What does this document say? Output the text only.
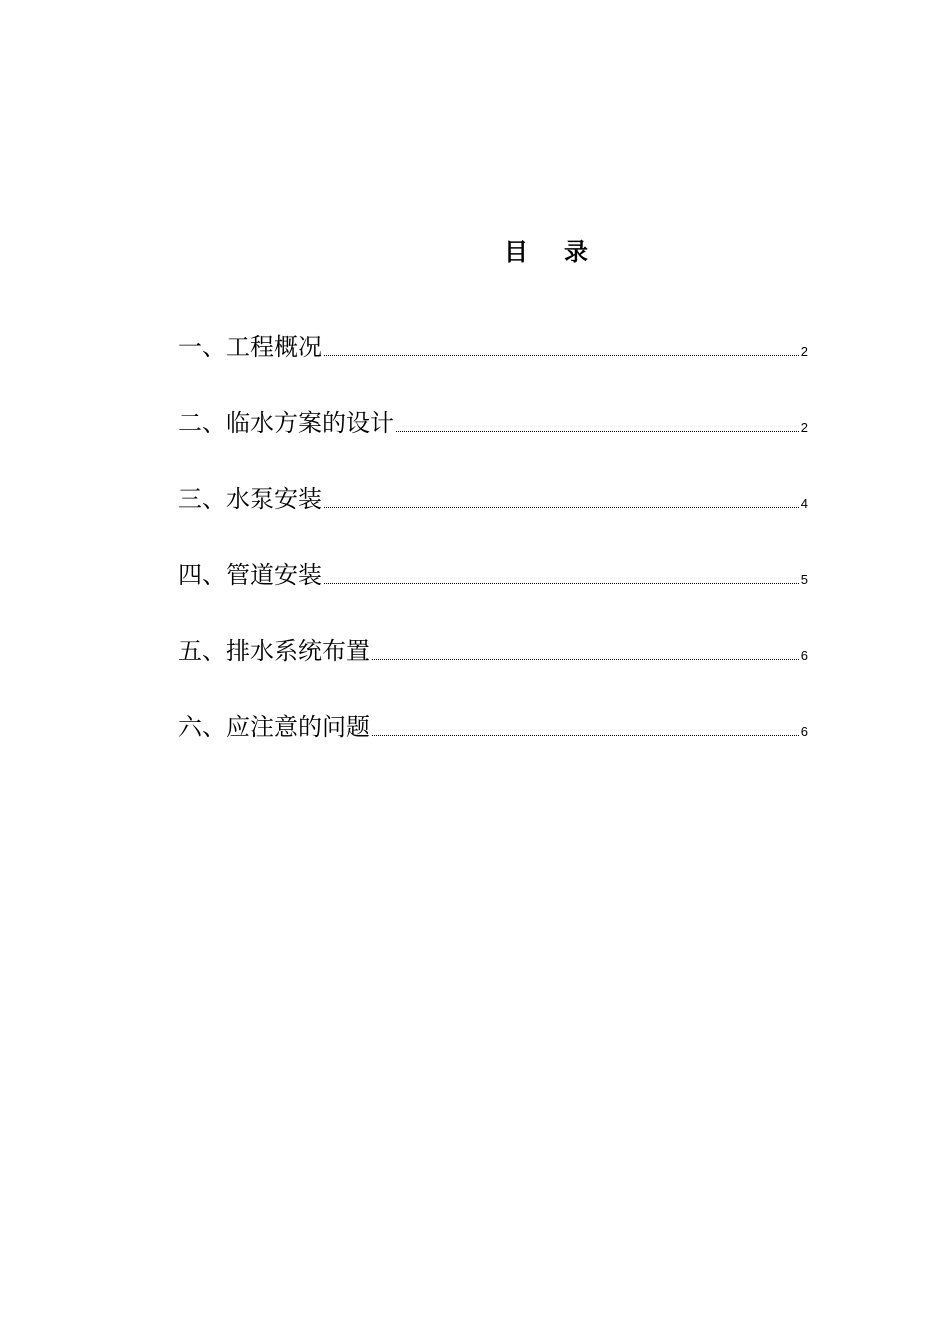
目 录
一、工程概况	2
二、临水方案的设计	2
三、水泵安装	4
四、管道安装	5
五、排水系统布置	6
六、应注意的问题	6
